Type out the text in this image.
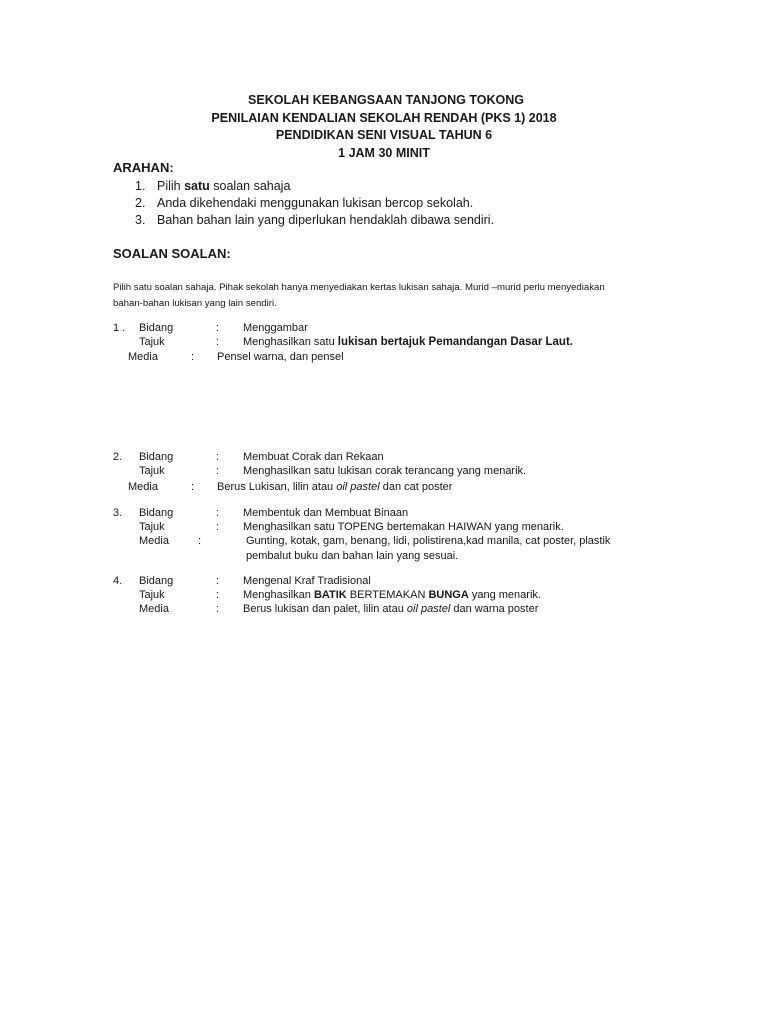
SEKOLAH KEBANGSAAN TANJONG TOKONG
PENILAIAN KENDALIAN SEKOLAH RENDAH (PKS 1) 2018
PENDIDIKAN SENI VISUAL TAHUN 6
1 JAM 30 MINIT
ARAHAN:
1. Pilih satu soalan sahaja
2. Anda dikehendaki menggunakan lukisan bercop sekolah.
3. Bahan bahan lain yang diperlukan hendaklah dibawa sendiri.
SOALAN SOALAN:
Pilih satu soalan sahaja. Pihak sekolah hanya menyediakan kertas lukisan sahaja. Murid –murid perlu menyediakan
bahan-bahan lukisan yang lain sendiri.
1 . Bidang	: Menggambar
Tajuk	: Menghasilkan satu lukisan bertajuk Pemandangan Dasar Laut.
Media	: Pensel warna, dan pensel
2. Bidang	: Membuat Corak dan Rekaan
Tajuk	: Menghasilkan satu lukisan corak terancang yang menarik.
Media	: Berus Lukisan, lilin atau oil pastel dan cat poster
3. Bidang	: Membentuk dan Membuat Binaan
Tajuk	: Menghasilkan satu TOPENG bertemakan HAIWAN yang menarik.
Media	:	Gunting, kotak, gam, benang, lidi, polistirena,kad manila, cat poster, plastik
pembalut buku dan bahan lain yang sesuai.
4. Bidang	: Mengenal Kraf Tradisional
Tajuk	: Menghasilkan BATIK BERTEMAKAN BUNGA yang menarik.
Media	: Berus lukisan dan palet, lilin atau oil pastel dan warna poster
